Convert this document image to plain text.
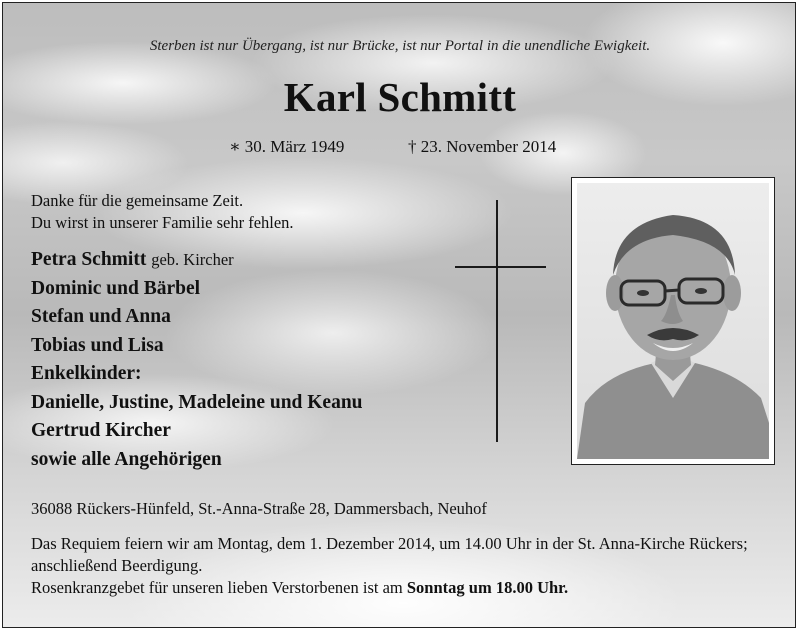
Sterben ist nur Übergang, ist nur Brücke, ist nur Portal in die unendliche Ewigkeit.
Karl Schmitt
∗ 30. März 1949	† 23. November 2014
Danke für die gemeinsame Zeit.
Du wirst in unserer Familie sehr fehlen.
Petra Schmitt geb. Kircher
Dominic und Bärbel
Stefan und Anna
Tobias und Lisa
Enkelkinder:
Danielle, Justine, Madeleine und Keanu
Gertrud Kircher
sowie alle Angehörigen
36088 Rückers-Hünfeld, St.-Anna-Straße 28, Dammersbach, Neuhof
Das Requiem feiern wir am Montag, dem 1. Dezember 2014, um 14.00 Uhr in der St. Anna-Kirche Rückers; anschließend Beerdigung.
Rosenkranzgebet für unseren lieben Verstorbenen ist am Sonntag um 18.00 Uhr.
